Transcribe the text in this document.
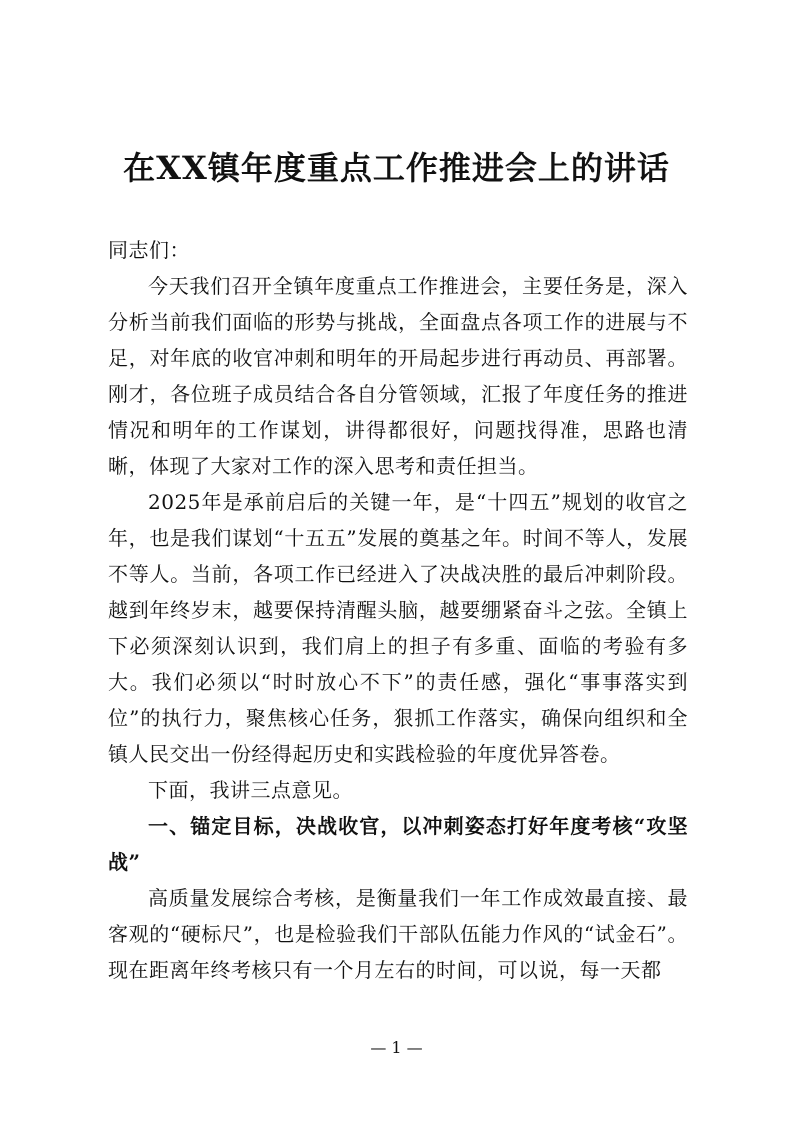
在XX镇年度重点工作推进会上的讲话

同志们：

今天我们召开全镇年度重点工作推进会，主要任务是，深入分析当前我们面临的形势与挑战，全面盘点各项工作的进展与不足，对年底的收官冲刺和明年的开局起步进行再动员、再部署。刚才，各位班子成员结合各自分管领域，汇报了年度任务的推进情况和明年的工作谋划，讲得都很好，问题找得准，思路也清晰，体现了大家对工作的深入思考和责任担当。

2025年是承前启后的关键一年，是“十四五”规划的收官之年，也是我们谋划“十五五”发展的奠基之年。时间不等人，发展不等人。当前，各项工作已经进入了决战决胜的最后冲刺阶段。越到年终岁末，越要保持清醒头脑，越要绷紧奋斗之弦。全镇上下必须深刻认识到，我们肩上的担子有多重、面临的考验有多大。我们必须以“时时放心不下”的责任感，强化“事事落实到位”的执行力，聚焦核心任务，狠抓工作落实，确保向组织和全镇人民交出一份经得起历史和实践检验的年度优异答卷。

下面，我讲三点意见。

一、锚定目标，决战收官，以冲刺姿态打好年度考核“攻坚战”

高质量发展综合考核，是衡量我们一年工作成效最直接、最客观的“硬标尺”，也是检验我们干部队伍能力作风的“试金石”。现在距离年终考核只有一个月左右的时间，可以说，每一天都

— 1 —
